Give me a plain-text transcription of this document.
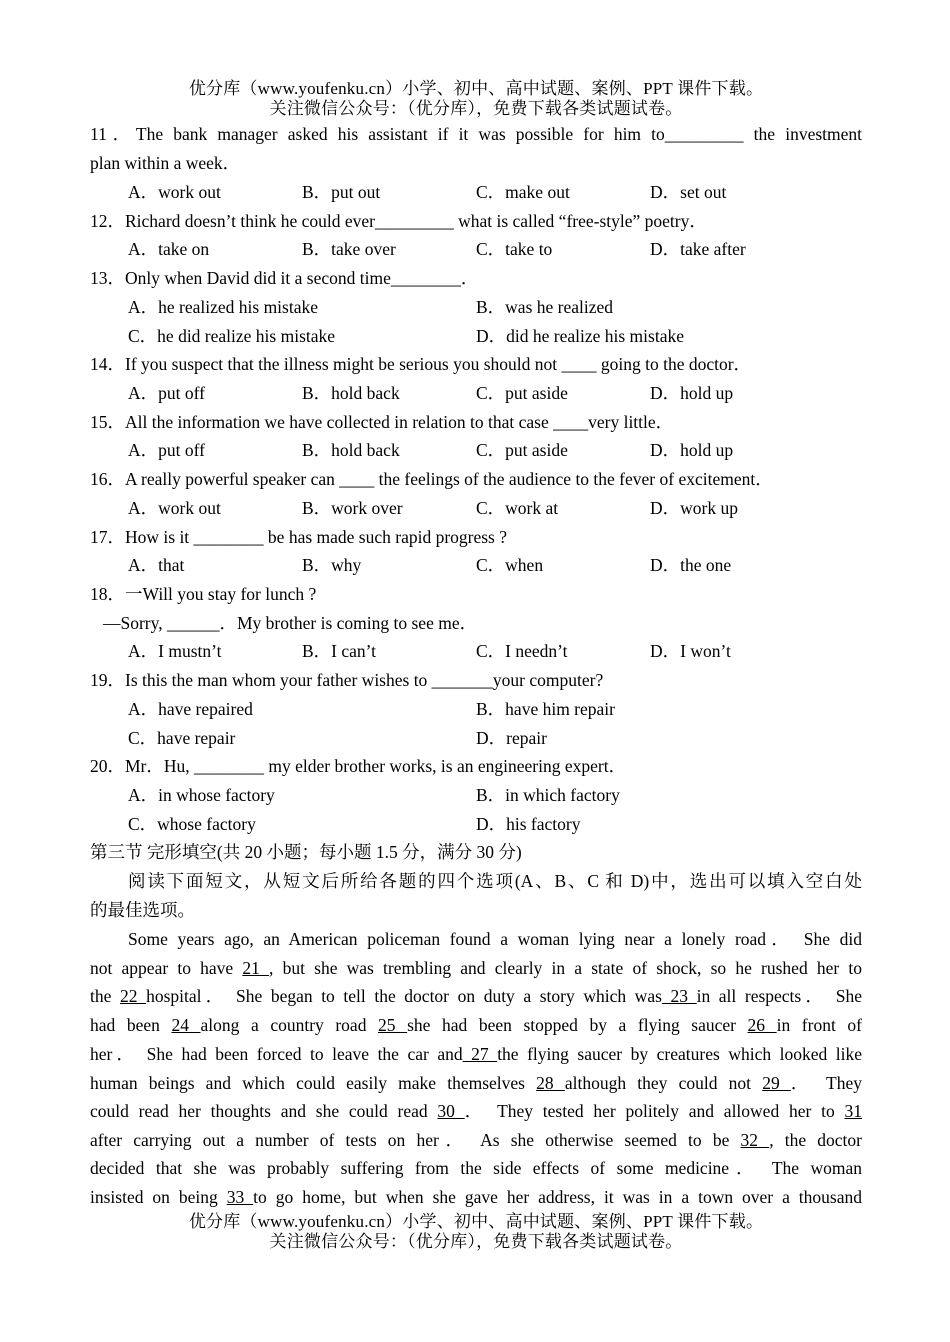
优分库（www.youfenku.cn）小学、初中、高中试题、案例、PPT 课件下载。
关注微信公众号：（优分库），免费下载各类试题试卷。
11．The bank manager asked his assistant if it was possible for him to_________ the investment
plan within a week．
A．work out	B．put out	C．make out	D．set out
12．Richard doesn’t think he could ever_________ what is called “free-style” poetry．
A．take on	B．take over	C．take to	D．take after
13．Only when David did it a second time________．
A．he realized his mistake	B．was he realized
C．he did realize his mistake	D．did he realize his mistake
14．If you suspect that the illness might be serious you should not ____ going to the doctor．
A．put off	B．hold back	C．put aside	D．hold up
15．All the information we have collected in relation to that case ____very little．
A．put off	B．hold back	C．put aside	D．hold up
16．A really powerful speaker can ____ the feelings of the audience to the fever of excitement．
A．work out	B．work over	C．work at	D．work up
17．How is it ________ be has made such rapid progress ?
A．that	B．why	C．when	D．the one
18．一Will you stay for lunch ?
—Sorry, ______．My brother is coming to see me．
A．I mustn’t	B．I can’t	C．I needn’t	D．I won’t
19．Is this the man whom your father wishes to _______your computer?
A．have repaired	B．have him repair
C．have repair	D．repair
20．Mr．Hu, ________ my elder brother works, is an engineering expert．
A．in whose factory	B．in which factory
C．whose factory	D．his factory
第三节 完形填空(共 20 小题；每小题 1.5 分，满分 30 分)
阅读下面短文，从短文后所给各题的四个选项(A、B、C 和 D)中，选出可以填入空白处
的最佳选项。
Some years ago, an American policeman found a woman lying near a lonely road． She did
not appear to have 21 , but she was trembling and clearly in a state of shock, so he rushed her to
the 22 hospital． She began to tell the doctor on duty a story which was 23 in all respects． She
had been 24 along a country road 25 she had been stopped by a flying saucer 26 in front of
her． She had been forced to leave the car and 27 the flying saucer by creatures which looked like
human beings and which could easily make themselves 28 although they could not 29 ． They
could read her thoughts and she could read 30 ． They tested her politely and allowed her to 31
after carrying out a number of tests on her． As she otherwise seemed to be 32 , the doctor
decided that she was probably suffering from the side effects of some medicine． The woman
insisted on being 33 to go home, but when she gave her address, it was in a town over a thousand
优分库（www.youfenku.cn）小学、初中、高中试题、案例、PPT 课件下载。
关注微信公众号：（优分库），免费下载各类试题试卷。
